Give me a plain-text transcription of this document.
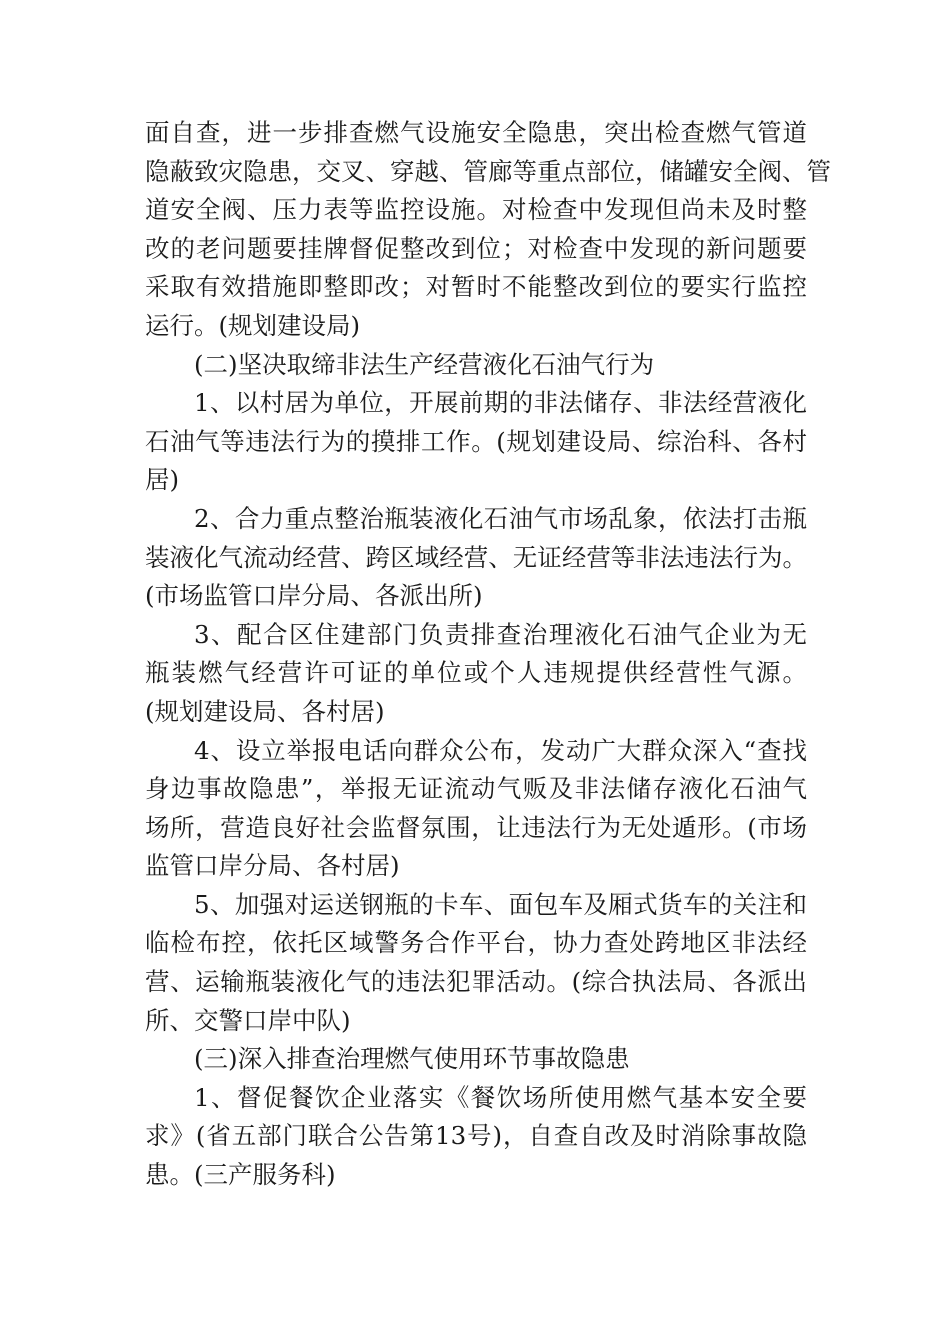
面自查，进一步排查燃气设施安全隐患，突出检查燃气管道
隐蔽致灾隐患，交叉、穿越、管廊等重点部位，储罐安全阀、管
道安全阀、压力表等监控设施。对检查中发现但尚未及时整
改的老问题要挂牌督促整改到位；对检查中发现的新问题要
采取有效措施即整即改；对暂时不能整改到位的要实行监控
运行。(规划建设局)
(二)坚决取缔非法生产经营液化石油气行为
1、以村居为单位，开展前期的非法储存、非法经营液化
石油气等违法行为的摸排工作。(规划建设局、综治科、各村
居)
2、合力重点整治瓶装液化石油气市场乱象，依法打击瓶
装液化气流动经营、跨区域经营、无证经营等非法违法行为。
(市场监管口岸分局、各派出所)
3、配合区住建部门负责排查治理液化石油气企业为无
瓶装燃气经营许可证的单位或个人违规提供经营性气源。
(规划建设局、各村居)
4、设立举报电话向群众公布，发动广大群众深入“查找
身边事故隐患”，举报无证流动气贩及非法储存液化石油气
场所，营造良好社会监督氛围，让违法行为无处遁形。(市场
监管口岸分局、各村居)
5、加强对运送钢瓶的卡车、面包车及厢式货车的关注和
临检布控，依托区域警务合作平台，协力查处跨地区非法经
营、运输瓶装液化气的违法犯罪活动。(综合执法局、各派出
所、交警口岸中队)
(三)深入排查治理燃气使用环节事故隐患
1、督促餐饮企业落实《餐饮场所使用燃气基本安全要
求》(省五部门联合公告第13号)，自查自改及时消除事故隐
患。(三产服务科)
